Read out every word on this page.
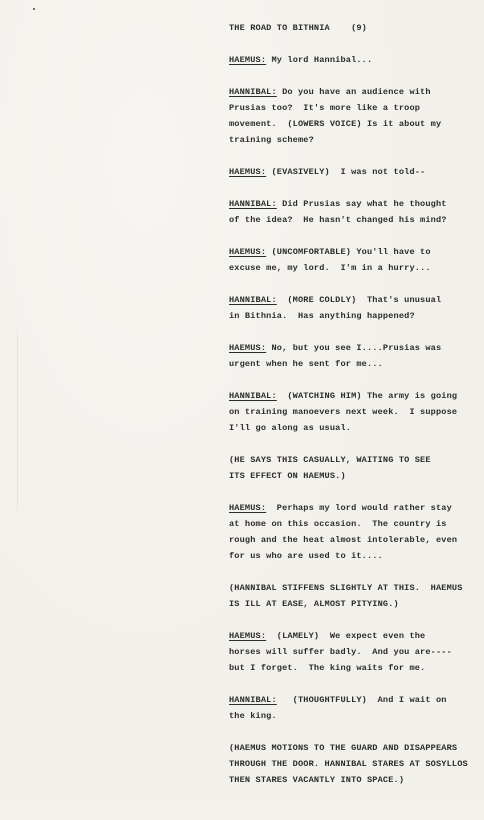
THE ROAD TO BITHNIA    (9)

HAEMUS: My lord Hannibal...

HANNIBAL: Do you have an audience with

Prusias too?  It's more like a troop

movement.  (LOWERS VOICE) Is it about my

training scheme?

HAEMUS: (EVASIVELY)  I was not told--

HANNIBAL: Did Prusias say what he thought

of the idea?  He hasn't changed his mind?

HAEMUS: (UNCOMFORTABLE) You'll have to

excuse me, my lord.  I'm in a hurry...

HANNIBAL:  (MORE COLDLY)  That's unusual

in Bithnia.  Has anything happened?

HAEMUS: No, but you see I....Prusias was

urgent when he sent for me...

HANNIBAL:  (WATCHING HIM) The army is going

on training manoevers next week.  I suppose

I'll go along as usual.

(HE SAYS THIS CASUALLY, WAITING TO SEE

ITS EFFECT ON HAEMUS.)

HAEMUS:  Perhaps my lord would rather stay

at home on this occasion.  The country is

rough and the heat almost intolerable, even

for us who are used to it....

(HANNIBAL STIFFENS SLIGHTLY AT THIS.  HAEMUS

IS ILL AT EASE, ALMOST PITYING.)

HAEMUS:  (LAMELY)  We expect even the

horses will suffer badly.  And you are----

but I forget.  The king waits for me.

HANNIBAL:   (THOUGHTFULLY)  And I wait on

the king.

(HAEMUS MOTIONS TO THE GUARD AND DISAPPEARS

THROUGH THE DOOR. HANNIBAL STARES AT SOSYLLOS

THEN STARES VACANTLY INTO SPACE.)
